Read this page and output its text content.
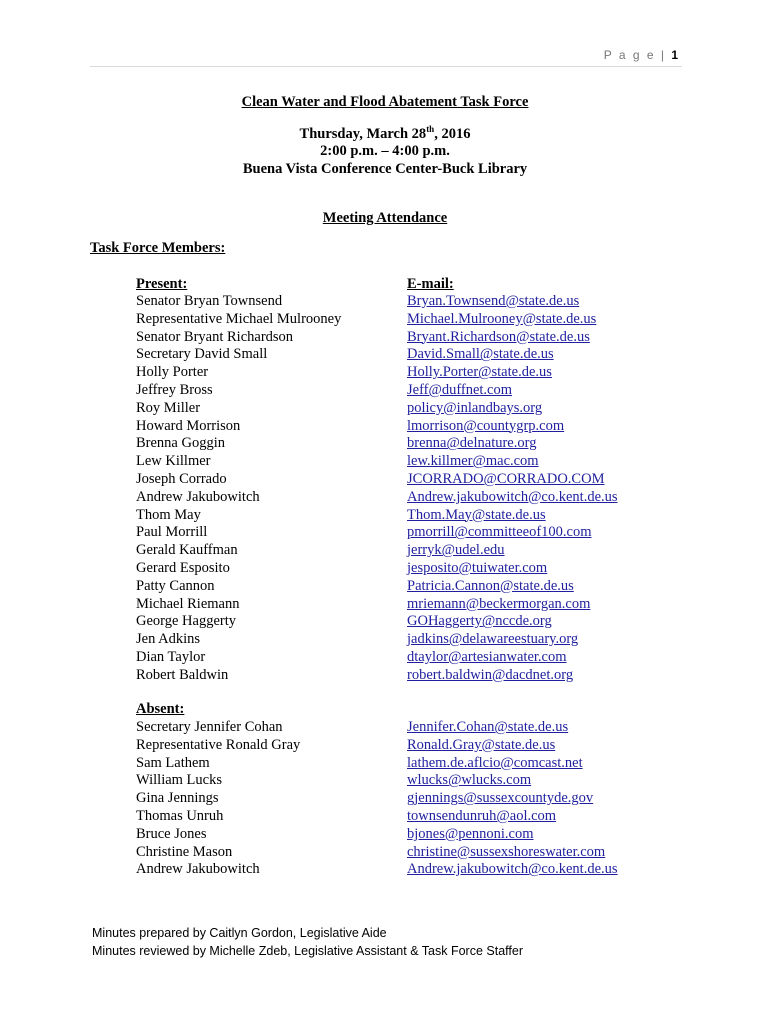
P a g e | 1
Clean Water and Flood Abatement Task Force
Thursday, March 28th, 2016
2:00 p.m. – 4:00 p.m.
Buena Vista Conference Center-Buck Library
Meeting Attendance
Task Force Members:
Present:	E-mail:
Senator Bryan Townsend	Bryan.Townsend@state.de.us
Representative Michael Mulrooney	Michael.Mulrooney@state.de.us
Senator Bryant Richardson	Bryant.Richardson@state.de.us
Secretary David Small	David.Small@state.de.us
Holly Porter	Holly.Porter@state.de.us
Jeffrey Bross	Jeff@duffnet.com
Roy Miller	policy@inlandbays.org
Howard Morrison	lmorrison@countygrp.com
Brenna Goggin	brenna@delnature.org
Lew Killmer	lew.killmer@mac.com
Joseph Corrado	JCORRADO@CORRADO.COM
Andrew Jakubowitch	Andrew.jakubowitch@co.kent.de.us
Thom May	Thom.May@state.de.us
Paul Morrill	pmorrill@committeeof100.com
Gerald Kauffman	jerryk@udel.edu
Gerard Esposito	jesposito@tuiwater.com
Patty Cannon	Patricia.Cannon@state.de.us
Michael Riemann	mriemann@beckermorgan.com
George Haggerty	GOHaggerty@nccde.org
Jen Adkins	jadkins@delawareestuary.org
Dian Taylor	dtaylor@artesianwater.com
Robert Baldwin	robert.baldwin@dacdnet.org
Absent:
Secretary Jennifer Cohan	Jennifer.Cohan@state.de.us
Representative Ronald Gray	Ronald.Gray@state.de.us
Sam Lathem	lathem.de.aflcio@comcast.net
William Lucks	wlucks@wlucks.com
Gina Jennings	gjennings@sussexcountyde.gov
Thomas Unruh	townsendunruh@aol.com
Bruce Jones	bjones@pennoni.com
Christine Mason	christine@sussexshoreswater.com
Andrew Jakubowitch	Andrew.jakubowitch@co.kent.de.us
Minutes prepared by Caitlyn Gordon, Legislative Aide
Minutes reviewed by Michelle Zdeb, Legislative Assistant & Task Force Staffer
